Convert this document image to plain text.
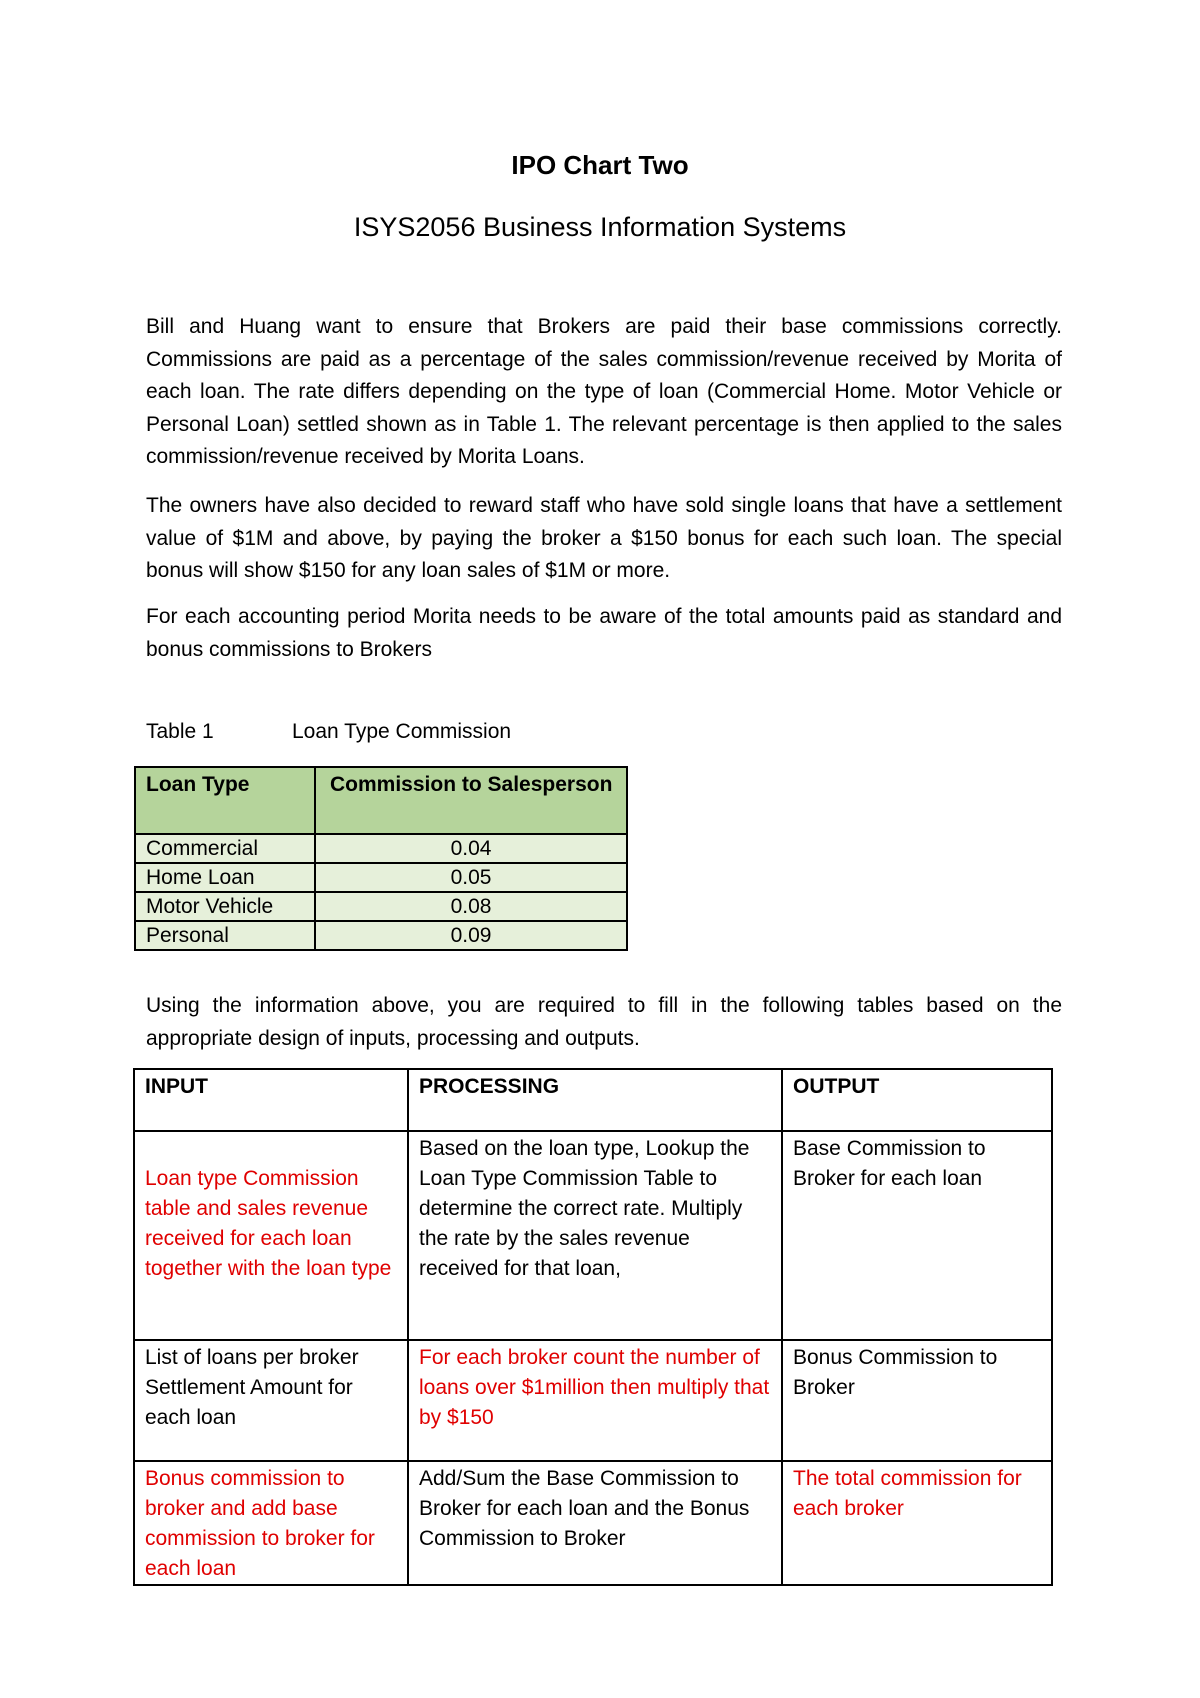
IPO Chart Two
ISYS2056 Business Information Systems

Bill and Huang want to ensure that Brokers are paid their base commissions correctly. Commissions are paid as a percentage of the sales commission/revenue received by Morita of each loan. The rate differs depending on the type of loan (Commercial Home. Motor Vehicle or Personal Loan) settled shown as in Table 1. The relevant percentage is then applied to the sales commission/revenue received by Morita Loans.

The owners have also decided to reward staff who have sold single loans that have a settlement value of $1M and above, by paying the broker a $150 bonus for each such loan. The special bonus will show $150 for any loan sales of $1M or more.

For each accounting period Morita needs to be aware of the total amounts paid as standard and bonus commissions to Brokers

Table 1	Loan Type Commission
Loan Type	Commission to Salesperson
Commercial	0.04
Home Loan	0.05
Motor Vehicle	0.08
Personal	0.09

Using the information above, you are required to fill in the following tables based on the appropriate design of inputs, processing and outputs.

INPUT	PROCESSING	OUTPUT
Loan type Commission table and sales revenue received for each loan together with the loan type	Based on the loan type, Lookup the Loan Type Commission Table to determine the correct rate. Multiply the rate by the sales revenue received for that loan,	Base Commission to Broker for each loan
List of loans per broker Settlement Amount for each loan	For each broker count the number of loans over $1million then multiply that by $150	Bonus Commission to Broker
Bonus commission to broker and add base commission to broker for each loan	Add/Sum the Base Commission to Broker for each loan and the Bonus Commission to Broker	The total commission for each broker
